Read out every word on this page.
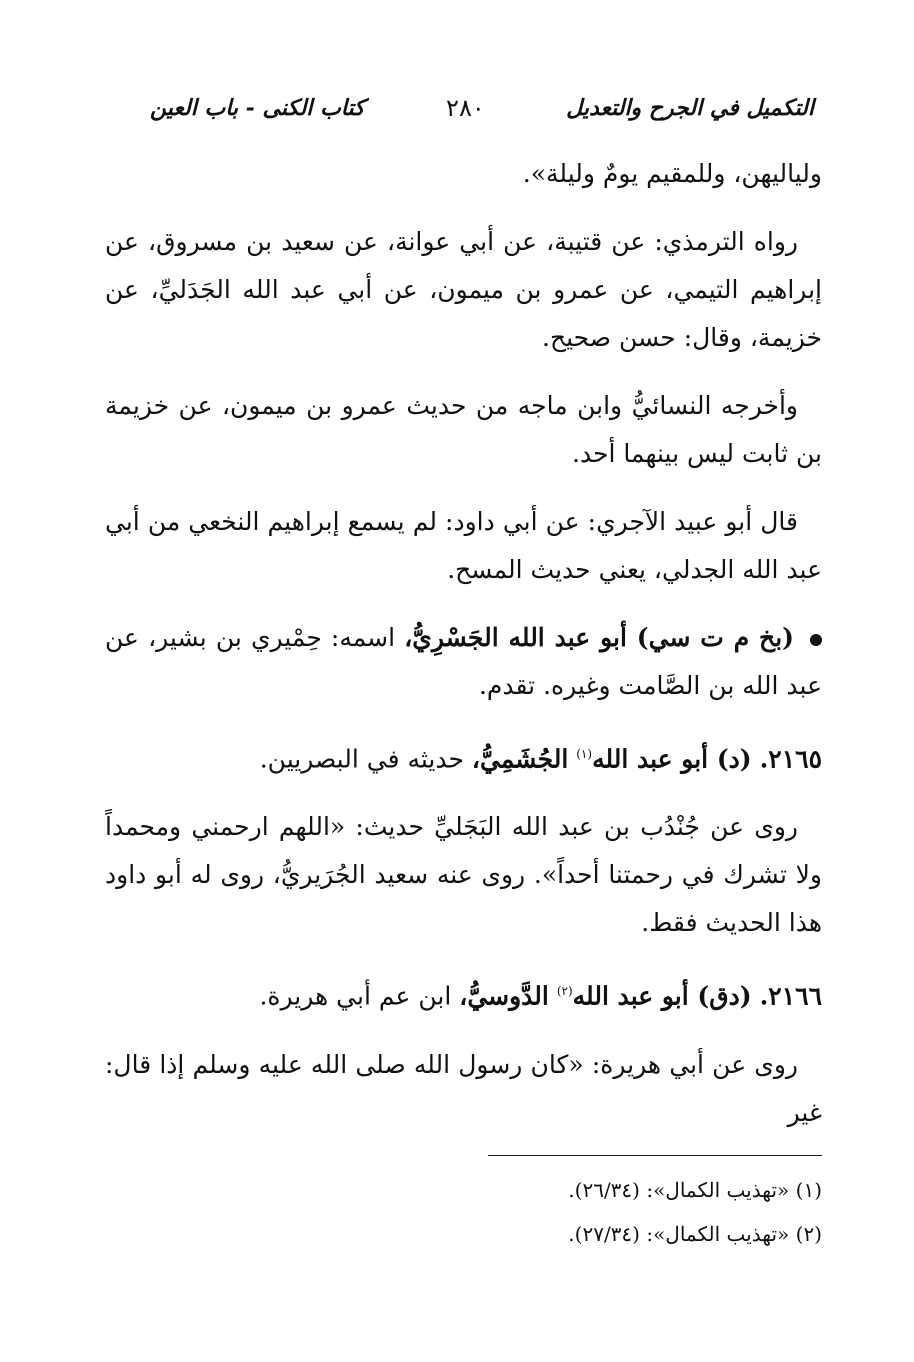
التكميل في الجرح والتعديل
٢٨٠
كتاب الكنى - باب العين

ولياليهن، وللمقيم يومٌ وليلة».

رواه الترمذي: عن قتيبة، عن أبي عوانة، عن سعيد بن مسروق، عن إبراهيم التيمي، عن عمرو بن ميمون، عن أبي عبد الله الجَدَليِّ، عن خزيمة، وقال: حسن صحيح.

وأخرجه النسائيُّ وابن ماجه من حديث عمرو بن ميمون، عن خزيمة بن ثابت ليس بينهما أحد.

قال أبو عبيد الآجري: عن أبي داود: لم يسمع إبراهيم النخعي من أبي عبد الله الجدلي، يعني حديث المسح.

(بخ م ت سي) أبو عبد الله الجَسْرِيُّ، اسمه: حِمْيري بن بشير، عن عبد الله بن الصَّامت وغيره. تقدم.

٢١٦٥. (د) أبو عبد الله$^{(١)}$ الجُشَمِيُّ، حديثه في البصريين.

روى عن جُنْدُب بن عبد الله البَجَليِّ حديث: «اللهم ارحمني ومحمداً ولا تشرك في رحمتنا أحداً». روى عنه سعيد الجُرَيريُّ، روى له أبو داود هذا الحديث فقط.

٢١٦٦. (دق) أبو عبد الله$^{(٢)}$ الدَّوسيُّ، ابن عم أبي هريرة.

روى عن أبي هريرة: «كان رسول الله صلى الله عليه وسلم إذا قال: غير

(١) «تهذيب الكمال»: (٢٦/٣٤).
(٢) «تهذيب الكمال»: (٢٧/٣٤).
